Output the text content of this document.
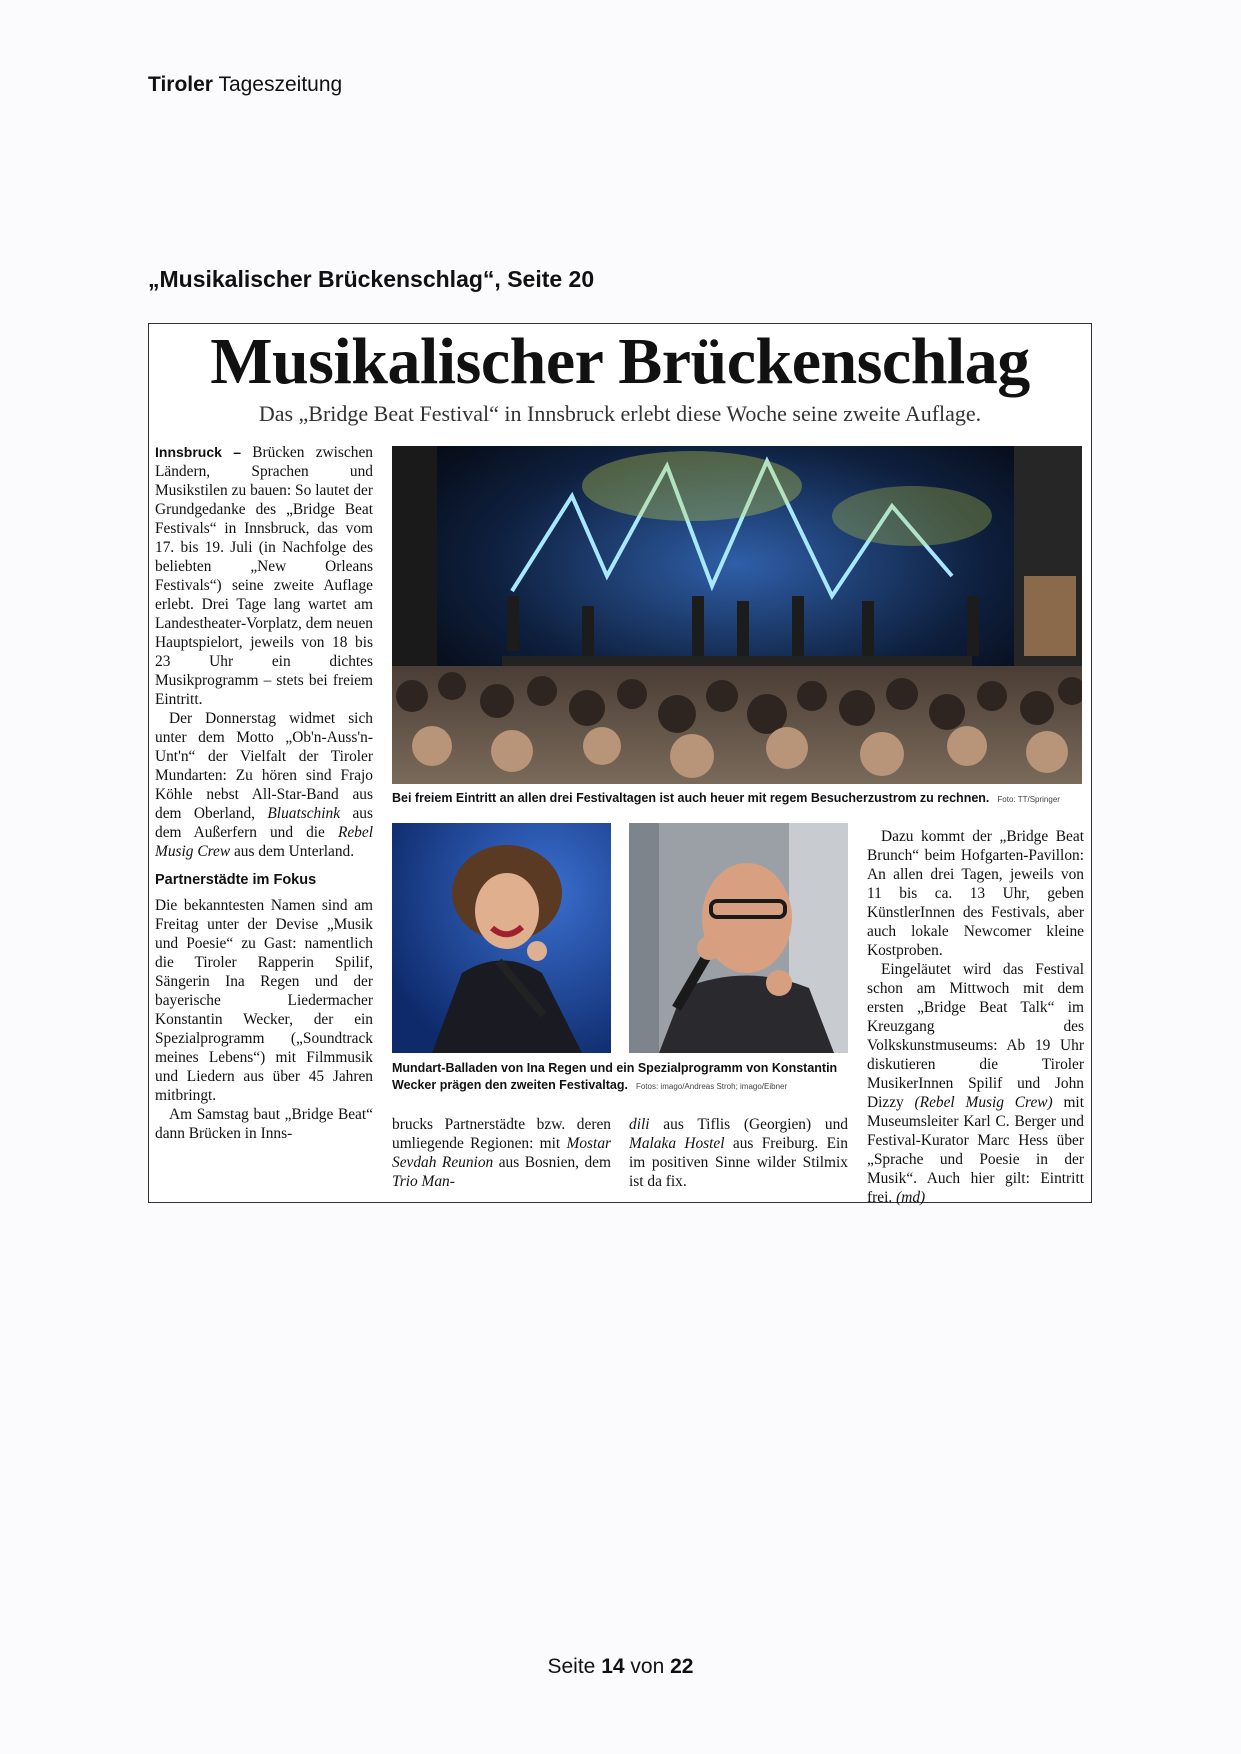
Tiroler Tageszeitung
„Musikalischer Brückenschlag“, Seite 20
Musikalischer Brückenschlag
Das „Bridge Beat Festival“ in Innsbruck erlebt diese Woche seine zweite Auflage.

Innsbruck – Brücken zwischen Ländern, Sprachen und Musikstilen zu bauen: So lautet der Grundgedanke des „Bridge Beat Festivals“ in Innsbruck, das vom 17. bis 19. Juli (in Nachfolge des beliebten „New Orleans Festivals“) seine zweite Auflage erlebt. Drei Tage lang wartet am Landestheater-Vorplatz, dem neuen Hauptspielort, jeweils von 18 bis 23 Uhr ein dichtes Musikprogramm – stets bei freiem Eintritt.

Der Donnerstag widmet sich unter dem Motto „Ob'n-Auss'n-Unt'n“ der Vielfalt der Tiroler Mundarten: Zu hören sind Frajo Köhle nebst All-Star-Band aus dem Oberland, Bluatschink aus dem Außerfern und die Rebel Musig Crew aus dem Unterland.

Partnerstädte im Fokus

Die bekanntesten Namen sind am Freitag unter der Devise „Musik und Poesie“ zu Gast: namentlich die Tiroler Rapperin Spilif, Sängerin Ina Regen und der bayerische Liedermacher Konstantin Wecker, der ein Spezialprogramm („Soundtrack meines Lebens“) mit Filmmusik und Liedern aus über 45 Jahren mitbringt.

Am Samstag baut „Bridge Beat“ dann Brücken in Inns-

Bei freiem Eintritt an allen drei Festivaltagen ist auch heuer mit regem Besucherzustrom zu rechnen. Foto: TT/Springer
Mundart-Balladen von Ina Regen und ein Spezialprogramm von Konstantin Wecker prägen den zweiten Festivaltag. Fotos: imago/Andreas Stroh; imago/Eibner

brucks Partnerstädte bzw. deren umliegende Regionen: mit Mostar Sevdah Reunion aus Bosnien, dem Trio Man-

dili aus Tiflis (Georgien) und Malaka Hostel aus Freiburg. Ein im positiven Sinne wilder Stilmix ist da fix.

Dazu kommt der „Bridge Beat Brunch“ beim Hofgarten-Pavillon: An allen drei Tagen, jeweils von 11 bis ca. 13 Uhr, geben KünstlerInnen des Festivals, aber auch lokale Newcomer kleine Kostproben.

Eingeläutet wird das Festival schon am Mittwoch mit dem ersten „Bridge Beat Talk“ im Kreuzgang des Volkskunstmuseums: Ab 19 Uhr diskutieren die Tiroler MusikerInnen Spilif und John Dizzy (Rebel Musig Crew) mit Museumsleiter Karl C. Berger und Festival-Kurator Marc Hess über „Sprache und Poesie in der Musik“. Auch hier gilt: Eintritt frei. (md)

Seite 14 von 22
